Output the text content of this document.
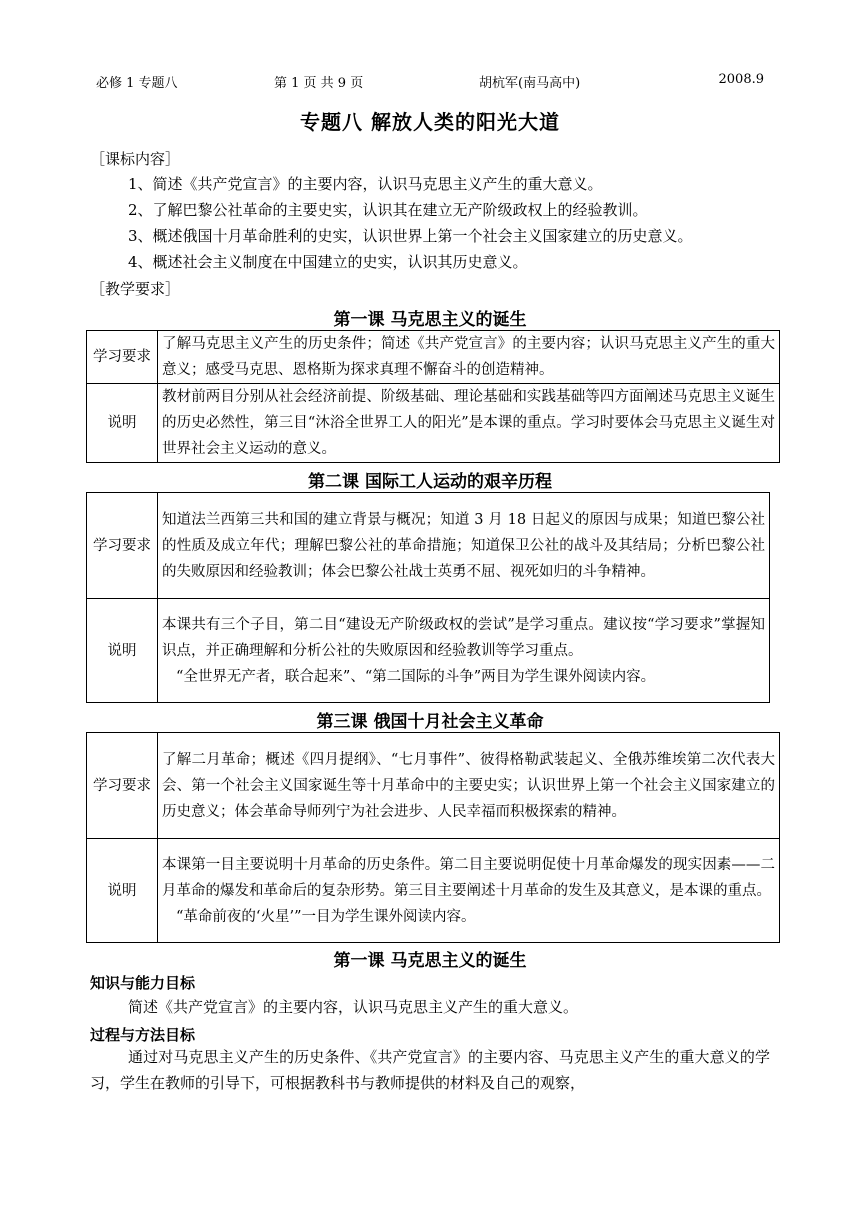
必修 1 专题八	第 1 页 共 9 页	胡杭军(南马高中)	2008.9
专题八 解放人类的阳光大道
［课标内容］

1、简述《共产党宣言》的主要内容，认识马克思主义产生的重大意义。

2、了解巴黎公社革命的主要史实，认识其在建立无产阶级政权上的经验教训。

3、概述俄国十月革命胜利的史实，认识世界上第一个社会主义国家建立的历史意义。

4、概述社会主义制度在中国建立的史实，认识其历史意义。

［教学要求］
第一课 马克思主义的诞生
学习要求	了解马克思主义产生的历史条件；简述《共产党宣言》的主要内容；认识马克思主义产生的重大意义；感受马克思、恩格斯为探求真理不懈奋斗的创造精神。
说明	教材前两目分别从社会经济前提、阶级基础、理论基础和实践基础等四方面阐述马克思主义诞生的历史必然性，第三目“沐浴全世界工人的阳光”是本课的重点。学习时要体会马克思主义诞生对世界社会主义运动的意义。
第二课 国际工人运动的艰辛历程
学习要求	知道法兰西第三共和国的建立背景与概况；知道 3 月 18 日起义的原因与成果；知道巴黎公社的性质及成立年代；理解巴黎公社的革命措施；知道保卫公社的战斗及其结局；分析巴黎公社的失败原因和经验教训；体会巴黎公社战士英勇不屈、视死如归的斗争精神。
说明	本课共有三个子目，第二目“建设无产阶级政权的尝试”是学习重点。建议按“学习要求”掌握知识点，并正确理解和分析公社的失败原因和经验教训等学习重点。
“全世界无产者，联合起来”、“第二国际的斗争”两目为学生课外阅读内容。
第三课 俄国十月社会主义革命
学习要求	了解二月革命；概述《四月提纲》、“七月事件”、彼得格勒武装起义、全俄苏维埃第二次代表大会、第一个社会主义国家诞生等十月革命中的主要史实；认识世界上第一个社会主义国家建立的历史意义；体会革命导师列宁为社会进步、人民幸福而积极探索的精神。
说明	本课第一目主要说明十月革命的历史条件。第二目主要说明促使十月革命爆发的现实因素——二月革命的爆发和革命后的复杂形势。第三目主要阐述十月革命的发生及其意义，是本课的重点。
“革命前夜的‘火星’”一目为学生课外阅读内容。
第一课 马克思主义的诞生
知识与能力目标
简述《共产党宣言》的主要内容，认识马克思主义产生的重大意义。
过程与方法目标
通过对马克思主义产生的历史条件、《共产党宣言》的主要内容、马克思主义产生的重大意义的学习，学生在教师的引导下，可根据教科书与教师提供的材料及自己的观察，
